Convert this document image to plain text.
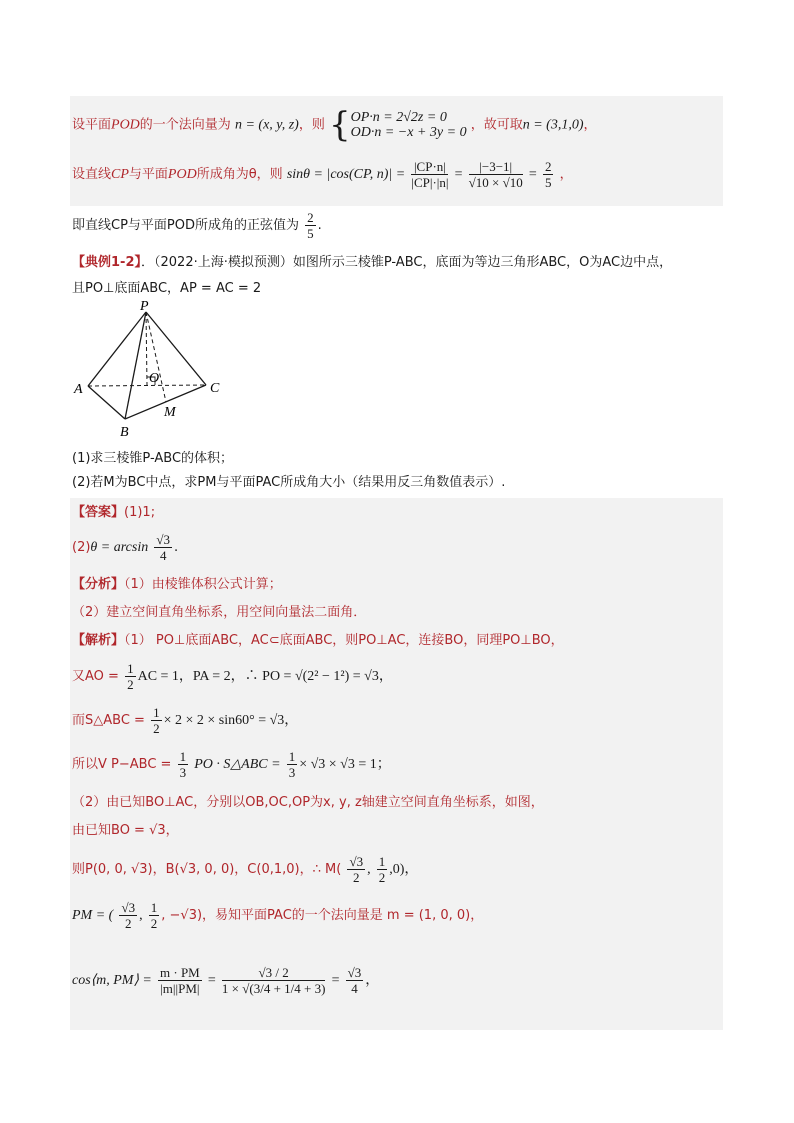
设平面POD的一个法向量为 n = (x, y, z)，则 { OP·n = 2√2z = 0
OD·n = −x + 3y = 0 ，故可取n = (3,1,0)，
设直线CP与平面POD所成角为θ，则 sinθ = |cos(CP, $n)| = \frac{|CP\cdot n|}{|CP|\cdot|n|} = \frac{|-3-1|}{√10 \times √10} = \frac{2}{5}$ ，
即直线CP与平面POD所成角的正弦值为 $\frac{2}{5}$ .
【典例1-2】．（2022·上海·模拟预测）如图所示三棱锥P-ABC，底面为等边三角形ABC，O为AC边中点，
且PO⊥底面ABC，AP = AC = 2
P
A
B
C
O
M
(1)求三棱锥P-ABC的体积；
(2)若M为BC中点，求PM与平面PAC所成角大小（结果用反三角数值表示）.
【答案】(1)1;
$(2)\theta = \arcsin \frac{√3}{4}$ .
【分析】（1）由棱锥体积公式计算；
（2）建立空间直角坐标系，用空间向量法二面角．
【解析】（1） PO⊥底面ABC，AC⊂底面ABC，则PO⊥AC，连接BO，同理PO⊥BO，
又AO = $\frac{1}{2}$ AC = 1，PA = 2，∴ PO = √(2² − 1²) = √3，
而S△ABC = $\frac{1}{2} \times 2 \times 2 \times \sin 60^\circ = √3$，
所以V $P-ABC = \frac{1}{3}$ PO · S△ABC = $\frac{1}{3} \times √3 \times √3 = 1$；
（2）由已知BO⊥AC，分别以OB,OC,OP为x, y, z轴建立空间直角坐标系，如图，
由已知BO = √3，
则P(0, 0, √3)，B(√3, 0, 0)，C(0,1,0)，∴ $M( \frac{√3}{2}$ , $\frac{1}{2} ,0$)，
PM = ( $\frac{√3}{2}$ , $\frac{1}{2}$ , −√3)，易知平面PAC的一个法向量是 m = (1, 0, 0)，
cos⟨m, PM⟩ = $\frac{m \cdot PM}{|m||PM|} = \frac{√3 / 2}{1 \times √(3/4 + 1/4 + 3)} = \frac{√3}{4}$ ，
